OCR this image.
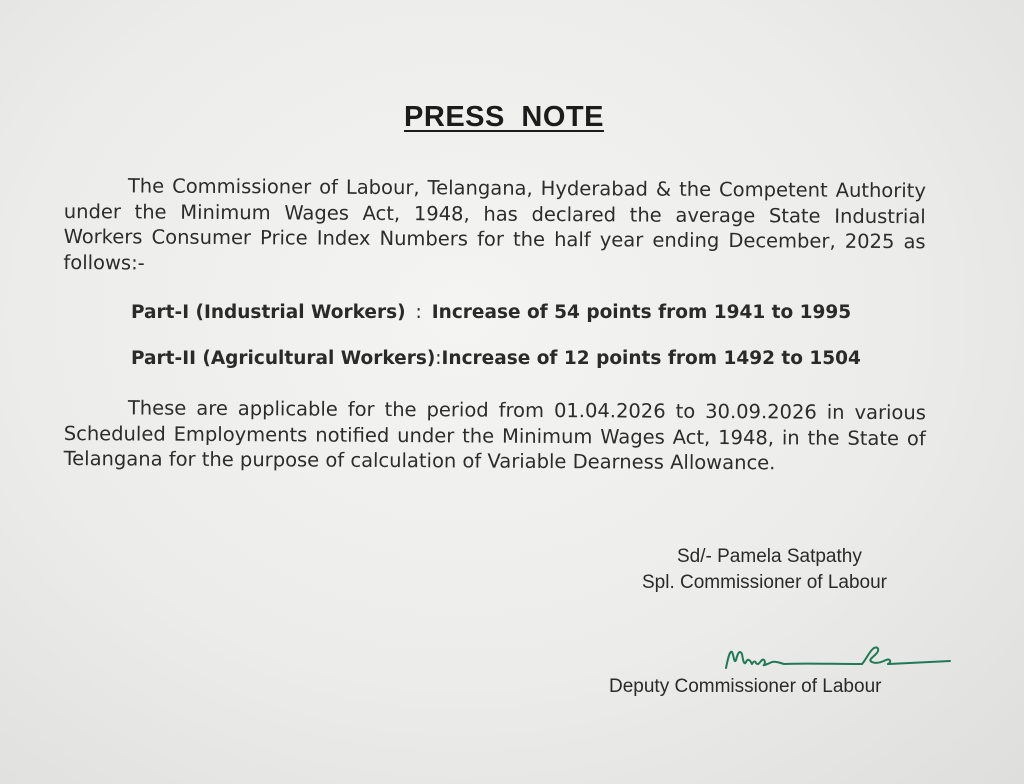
PRESS NOTE
The Commissioner of Labour, Telangana, Hyderabad & the Competent Authority under the Minimum Wages Act, 1948, has declared the average State Industrial Workers Consumer Price Index Numbers for the half year ending December, 2025 as follows:-
Part-I (Industrial Workers) : Increase of 54 points from 1941 to 1995
Part-II (Agricultural Workers):Increase of 12 points from 1492 to 1504
These are applicable for the period from 01.04.2026 to 30.09.2026 in various Scheduled Employments notified under the Minimum Wages Act, 1948, in the State of Telangana for the purpose of calculation of Variable Dearness Allowance.
Sd/- Pamela Satpathy
Spl. Commissioner of Labour
Deputy Commissioner of Labour
